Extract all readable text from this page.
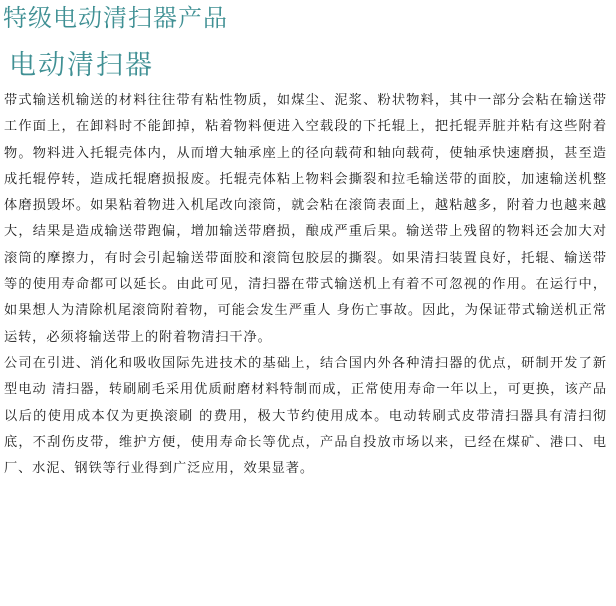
特级电动清扫器产品
电动清扫器

带式输送机输送的材料往往带有粘性物质，如煤尘、泥浆、粉状物料，其中一部分会粘在输送带工作面上，在卸料时不能卸掉，粘着物料便进入空载段的下托辊上，把托辊弄脏并粘有这些附着物。物料进入托辊壳体内，从而增大轴承座上的径向载荷和轴向载荷，使轴承快速磨损，甚至造成托辊停转，造成托辊磨损报废。托辊壳体粘上物料会撕裂和拉毛输送带的面胶，加速输送机整体磨损毁坏。如果粘着物进入机尾改向滚筒，就会粘在滚筒表面上，越粘越多，附着力也越来越大，结果是造成输送带跑偏，增加输送带磨损，酿成严重后果。输送带上残留的物料还会加大对滚筒的摩擦力，有时会引起输送带面胶和滚筒包胶层的撕裂。如果清扫装置良好，托辊、输送带等的使用寿命都可以延长。由此可见，清扫器在带式输送机上有着不可忽视的作用。在运行中，如果想人为清除机尾滚筒附着物，可能会发生严重人 身伤亡事故。因此，为保证带式输送机正常运转，必须将输送带上的附着物清扫干净。

公司在引进、消化和吸收国际先进技术的基础上，结合国内外各种清扫器的优点，研制开发了新型电动 清扫器，转刷刷毛采用优质耐磨材料特制而成，正常使用寿命一年以上，可更换，该产品以后的使用成本仅为更换滚刷 的费用，极大节约使用成本。电动转刷式皮带清扫器具有清扫彻底，不刮伤皮带，维护方便，使用寿命长等优点，产品自投放市场以来，已经在煤矿、港口、电厂、水泥、钢铁等行业得到广泛应用，效果显著。
